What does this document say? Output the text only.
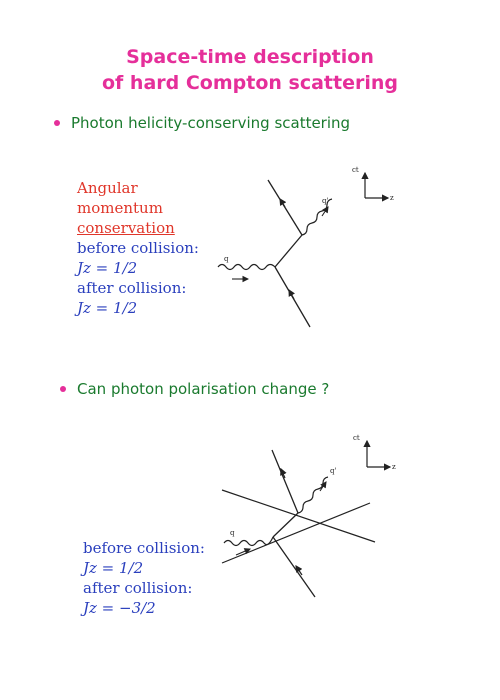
Space-time description
of hard Compton scattering
Photon helicity-conserving scattering
Angular
momentum
conservation
before collision:
Jz = 1/2
after collision:
Jz = 1/2
ct
z
q
q'
Can photon polarisation change ?
before collision:
Jz = 1/2
after collision:
Jz = −3/2
ct
z
q
q'
